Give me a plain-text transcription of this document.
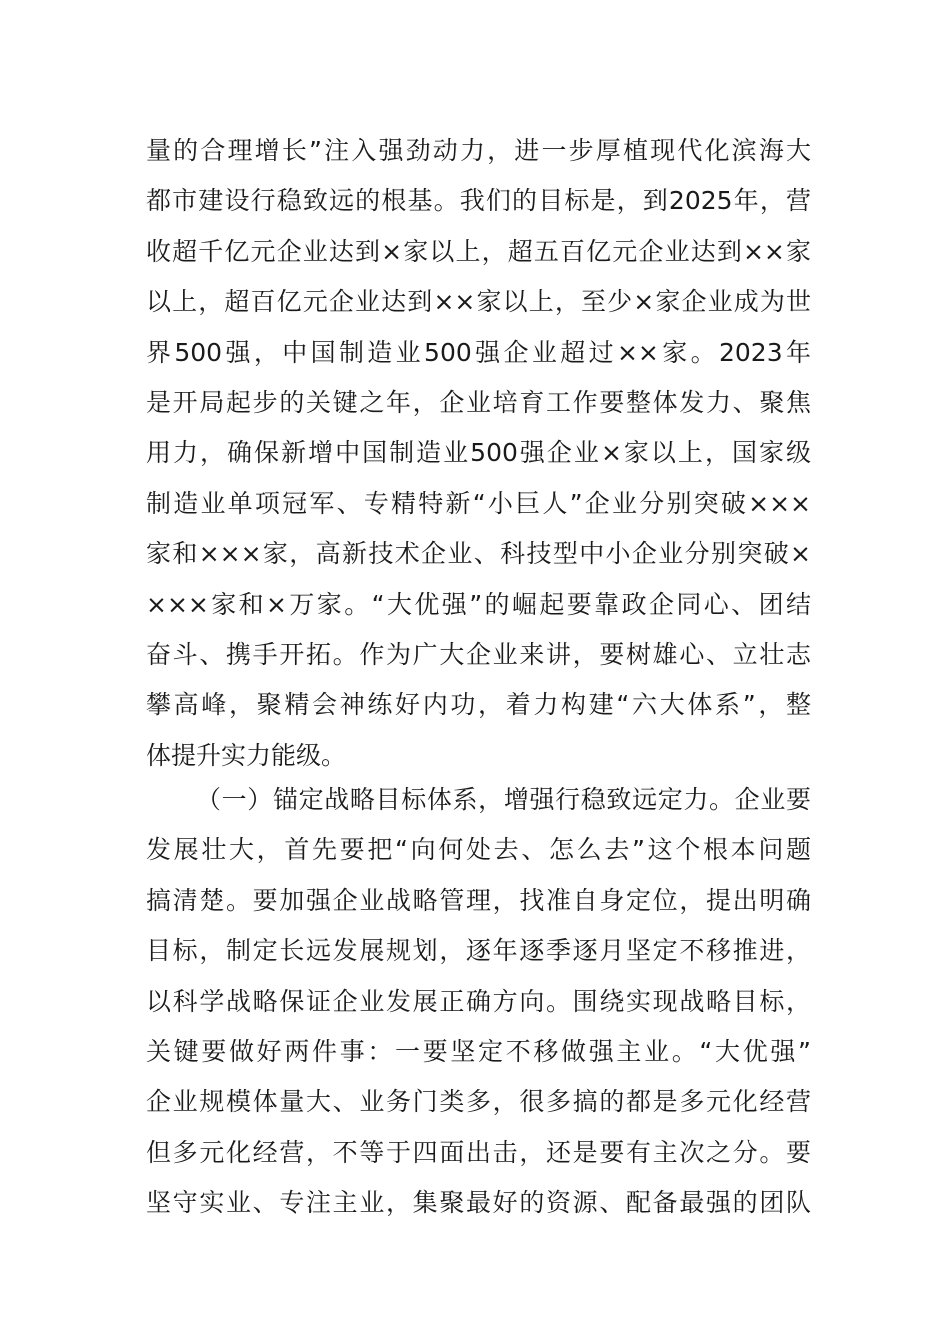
量的合理增长”注入强劲动力，进一步厚植现代化滨海大
都市建设行稳致远的根基。我们的目标是，到2025年，营
收超千亿元企业达到×家以上，超五百亿元企业达到××家
以上，超百亿元企业达到××家以上，至少×家企业成为世
界500强，中国制造业500强企业超过××家。2023年
是开局起步的关键之年，企业培育工作要整体发力、聚焦
用力，确保新增中国制造业500强企业×家以上，国家级
制造业单项冠军、专精特新“小巨人”企业分别突破×××
家和×××家，高新技术企业、科技型中小企业分别突破×
×××家和×万家。“大优强”的崛起要靠政企同心、团结
奋斗、携手开拓。作为广大企业来讲，要树雄心、立壮志
攀高峰，聚精会神练好内功，着力构建“六大体系”，整
体提升实力能级。
（一）锚定战略目标体系，增强行稳致远定力。企业要
发展壮大，首先要把“向何处去、怎么去”这个根本问题
搞清楚。要加强企业战略管理，找准自身定位，提出明确
目标，制定长远发展规划，逐年逐季逐月坚定不移推进，
以科学战略保证企业发展正确方向。围绕实现战略目标，
关键要做好两件事：一要坚定不移做强主业。“大优强”
企业规模体量大、业务门类多，很多搞的都是多元化经营
但多元化经营，不等于四面出击，还是要有主次之分。要
坚守实业、专注主业，集聚最好的资源、配备最强的团队
